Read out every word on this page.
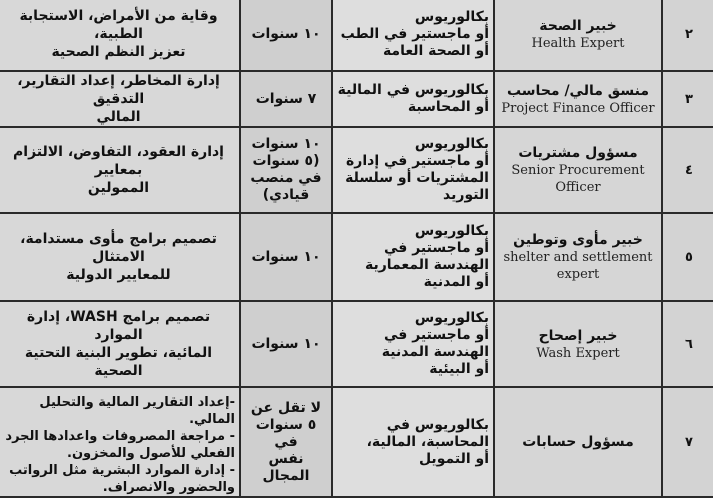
٢	خبير الصحة
Health Expert	بكالوريوس
أو ماجستير في الطب
أو الصحة العامة	١٠ سنوات	وقاية من الأمراض، الاستجابة الطبية،
تعزيز النظم الصحية

٣	منسق مالي/ محاسب
Project Finance Officer	بكالوريوس في المالية
أو المحاسبة	٧ سنوات	إدارة المخاطر، إعداد التقارير، التدقيق
المالي

٤	مسؤول مشتريات
Senior Procurement
Officer	بكالوريوس
أو ماجستير في إدارة
المشتريات أو سلسلة
التوريد	١٠ سنوات
(٥ سنوات
في منصب
قيادي)	إدارة العقود، التفاوض، الالتزام بمعايير
الممولين

٥	خبير مأوى وتوطين
shelter and settlement
expert	بكالوريوس
أو ماجستير في
الهندسة المعمارية
أو المدنية	١٠ سنوات	تصميم برامج مأوى مستدامة، الامتثال
للمعايير الدولية

٦	خبير إصحاح
Wash Expert	بكالوريوس
أو ماجستير في
الهندسة المدنية
أو البيئية	١٠ سنوات	تصميم برامج WASH، إدارة الموارد
المائية، تطوير البنية التحتية الصحية

٧	مسؤول حسابات	بكالوريوس في
المحاسبة، المالية،
أو التمويل	لا تقل عن
٥ سنوات في
نفس المجال	-إعداد التقارير المالية والتحليل المالي.
- مراجعة المصروفات واعدادها الجرد
الفعلي للأصول والمخزون.
- إدارة الموارد البشرية مثل الرواتب
والحضور والانصراف.
